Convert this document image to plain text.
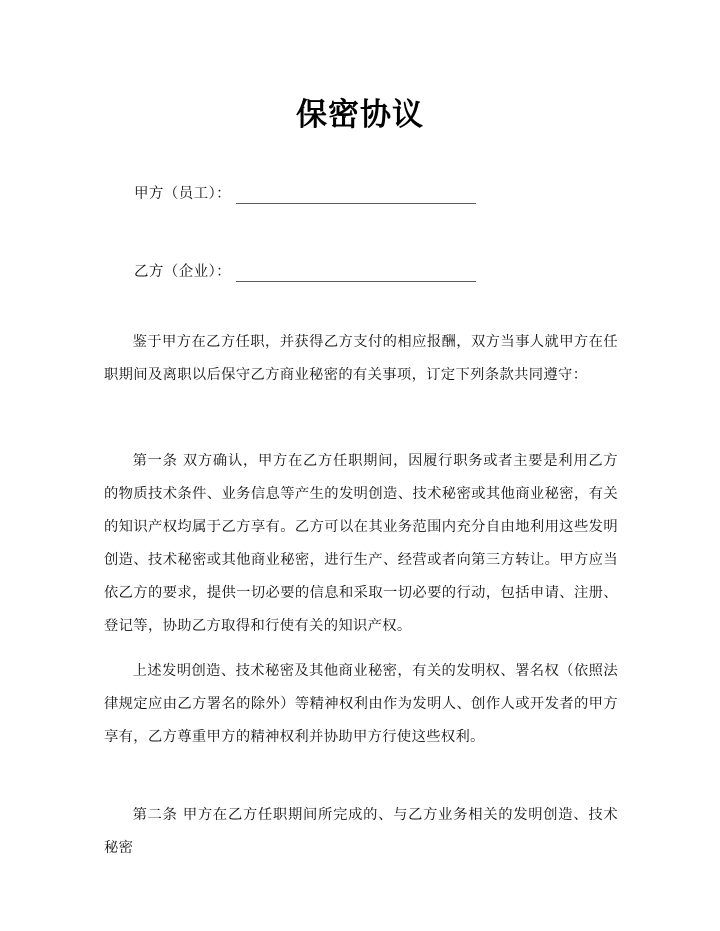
保密协议
甲方（员工）：
乙方（企业）：

鉴于甲方在乙方任职，并获得乙方支付的相应报酬，双方当事人就甲方在任职期间及离职以后保守乙方商业秘密的有关事项，订定下列条款共同遵守：

第一条 双方确认，甲方在乙方任职期间，因履行职务或者主要是利用乙方的物质技术条件、业务信息等产生的发明创造、技术秘密或其他商业秘密，有关的知识产权均属于乙方享有。乙方可以在其业务范围内充分自由地利用这些发明创造、技术秘密或其他商业秘密，进行生产、经营或者向第三方转让。甲方应当依乙方的要求，提供一切必要的信息和采取一切必要的行动，包括申请、注册、登记等，协助乙方取得和行使有关的知识产权。

上述发明创造、技术秘密及其他商业秘密，有关的发明权、署名权（依照法律规定应由乙方署名的除外）等精神权利由作为发明人、创作人或开发者的甲方享有，乙方尊重甲方的精神权利并协助甲方行使这些权利。

第二条 甲方在乙方任职期间所完成的、与乙方业务相关的发明创造、技术秘密
